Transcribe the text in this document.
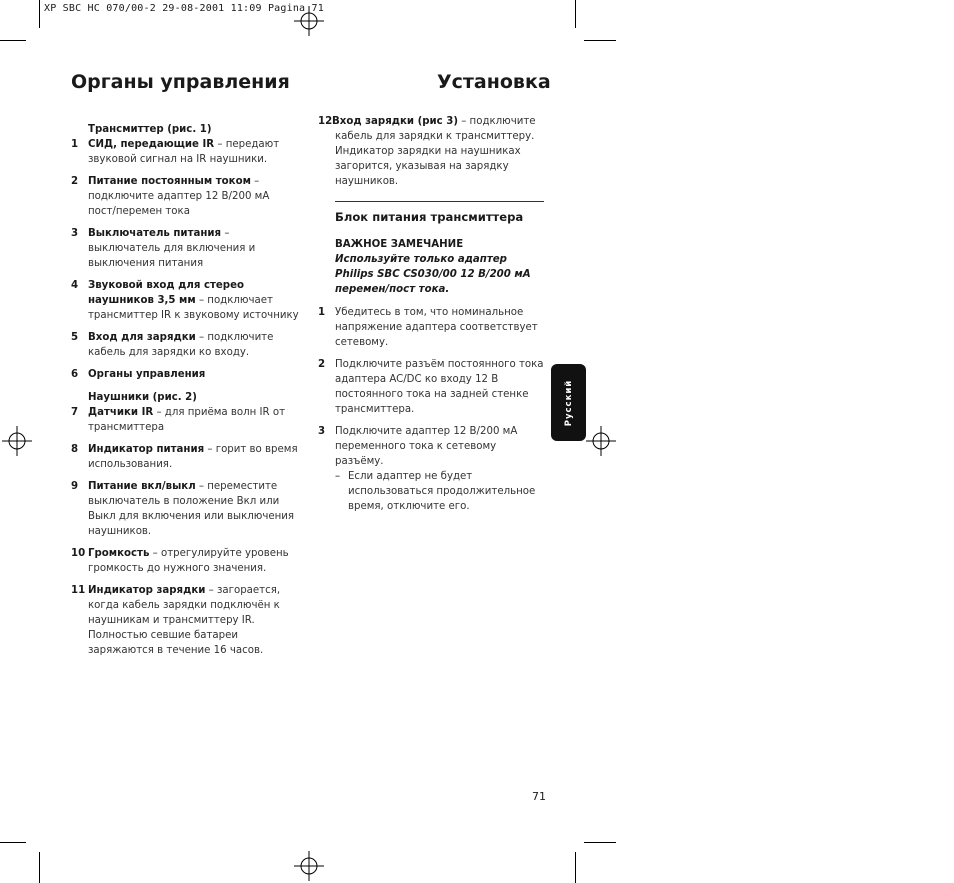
XP SBC HC 070/00-2 29-08-2001 11:09 Pagina 71
Органы управления	Установка
Трансмиттер (рис. 1)
1 СИД, передающие IR – передают звуковой сигнал на IR наушники.
2 Питание постоянным током – подключите адаптер 12 В/200 мА пост/перемен тока
3 Выключатель питания – выключатель для включения и выключения питания
4 Звуковой вход для стерео наушников 3,5 мм – подключает трансмиттер IR к звуковому источнику
5 Вход для зарядки – подключите кабель для зарядки ко входу.
6 Органы управления
Наушники (рис. 2)
7 Датчики IR – для приёма волн IR от трансмиттера
8 Индикатор питания – горит во время использования.
9 Питание вкл/выкл – переместите выключатель в положение Вкл или Выкл для включения или выключения наушников.
10 Громкость – отрегулируйте уровень громкость до нужного значения.
11 Индикатор зарядки – загорается, когда кабель зарядки подключён к наушникам и трансмиттеру IR. Полностью севшие батареи заряжаются в течение 16 часов.
12 Вход зарядки (рис 3) – подключите кабель для зарядки к трансмиттеру. Индикатор зарядки на наушниках загорится, указывая на зарядку наушников.
Блок питания трансмиттера
ВАЖНОЕ ЗАМЕЧАНИЕ
Используйте только адаптер Philips SBC CS030/00 12 В/200 мА перемен/пост тока.
1 Убедитесь в том, что номинальное напряжение адаптера соответствует сетевому.
2 Подключите разъём постоянного тока адаптера AC/DC ко входу 12 В постоянного тока на задней стенке трансмиттера.
3 Подключите адаптер 12 В/200 мА переменного тока к сетевому разъёму.
– Если адаптер не будет использоваться продолжительное время, отключите его.
Русский
71
